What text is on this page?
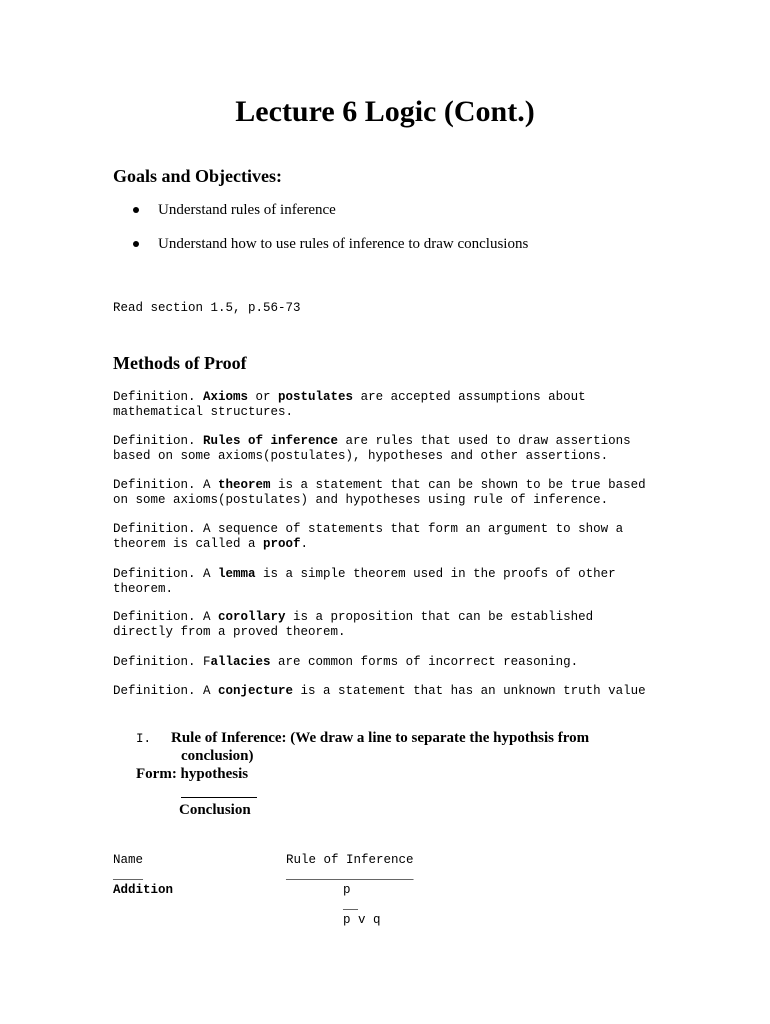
Lecture 6 Logic (Cont.)
Goals and Objectives:
Understand rules of inference
Understand how to use rules of inference to draw conclusions
Read section 1.5, p.56-73
Methods of Proof
Definition. Axioms or postulates are accepted assumptions about
mathematical structures.
Definition. Rules of inference are rules that used to draw assertions
based on some axioms(postulates), hypotheses and other assertions.
Definition. A theorem is a statement that can be shown to be true based
on some axioms(postulates) and hypotheses using rule of inference.
Definition. A sequence of statements that form an argument to show a
theorem is called a proof.
Definition. A lemma is a simple theorem used in the proofs of other
theorem.
Definition. A corollary is a proposition that can be established
directly from a proved theorem.
Definition. Fallacies are common forms of incorrect reasoning.
Definition. A conjecture is a statement that has an unknown truth value
I. Rule of Inference: (We draw a line to separate the hypothsis from
conclusion)
Form: hypothesis
Conclusion
Name
____
Rule of Inference
_________________
Addition	p
__
p v q
